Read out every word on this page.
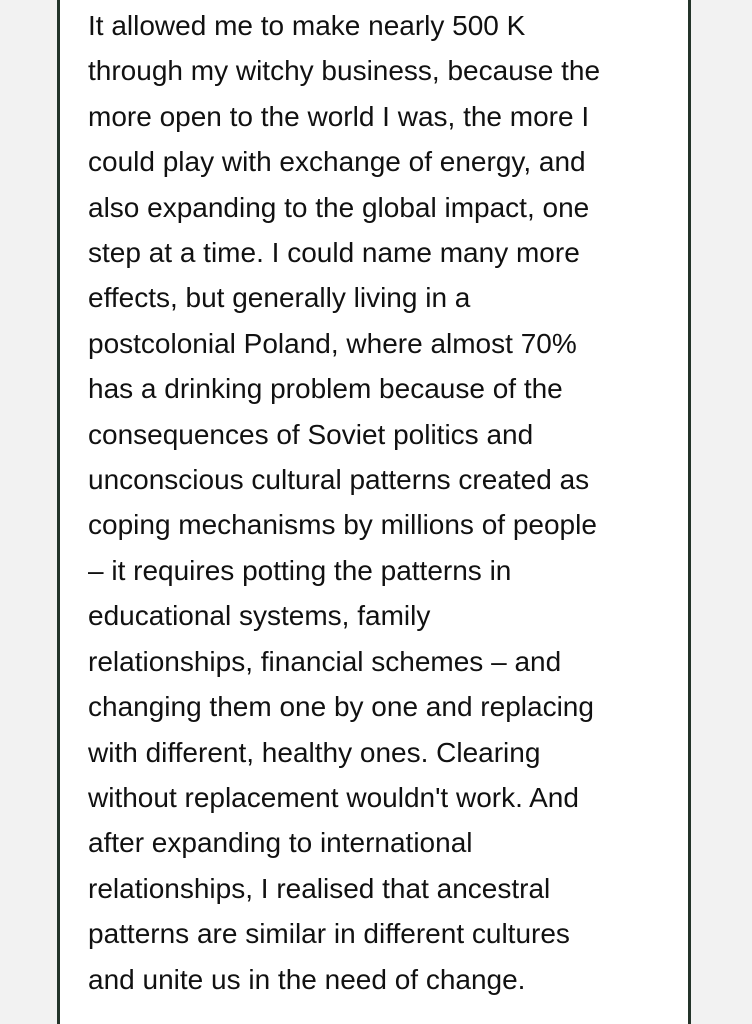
It allowed me to make nearly 500 K
through my witchy business, because the
more open to the world I was, the more I
could play with exchange of energy, and
also expanding to the global impact, one
step at a time. I could name many more
effects, but generally living in a
postcolonial Poland, where almost 70%
has a drinking problem because of the
consequences of Soviet politics and
unconscious cultural patterns created as
coping mechanisms by millions of people
– it requires potting the patterns in
educational systems, family
relationships, financial schemes – and
changing them one by one and replacing
with different, healthy ones. Clearing
without replacement wouldn't work. And
after expanding to international
relationships, I realised that ancestral
patterns are similar in different cultures
and unite us in the need of change.
